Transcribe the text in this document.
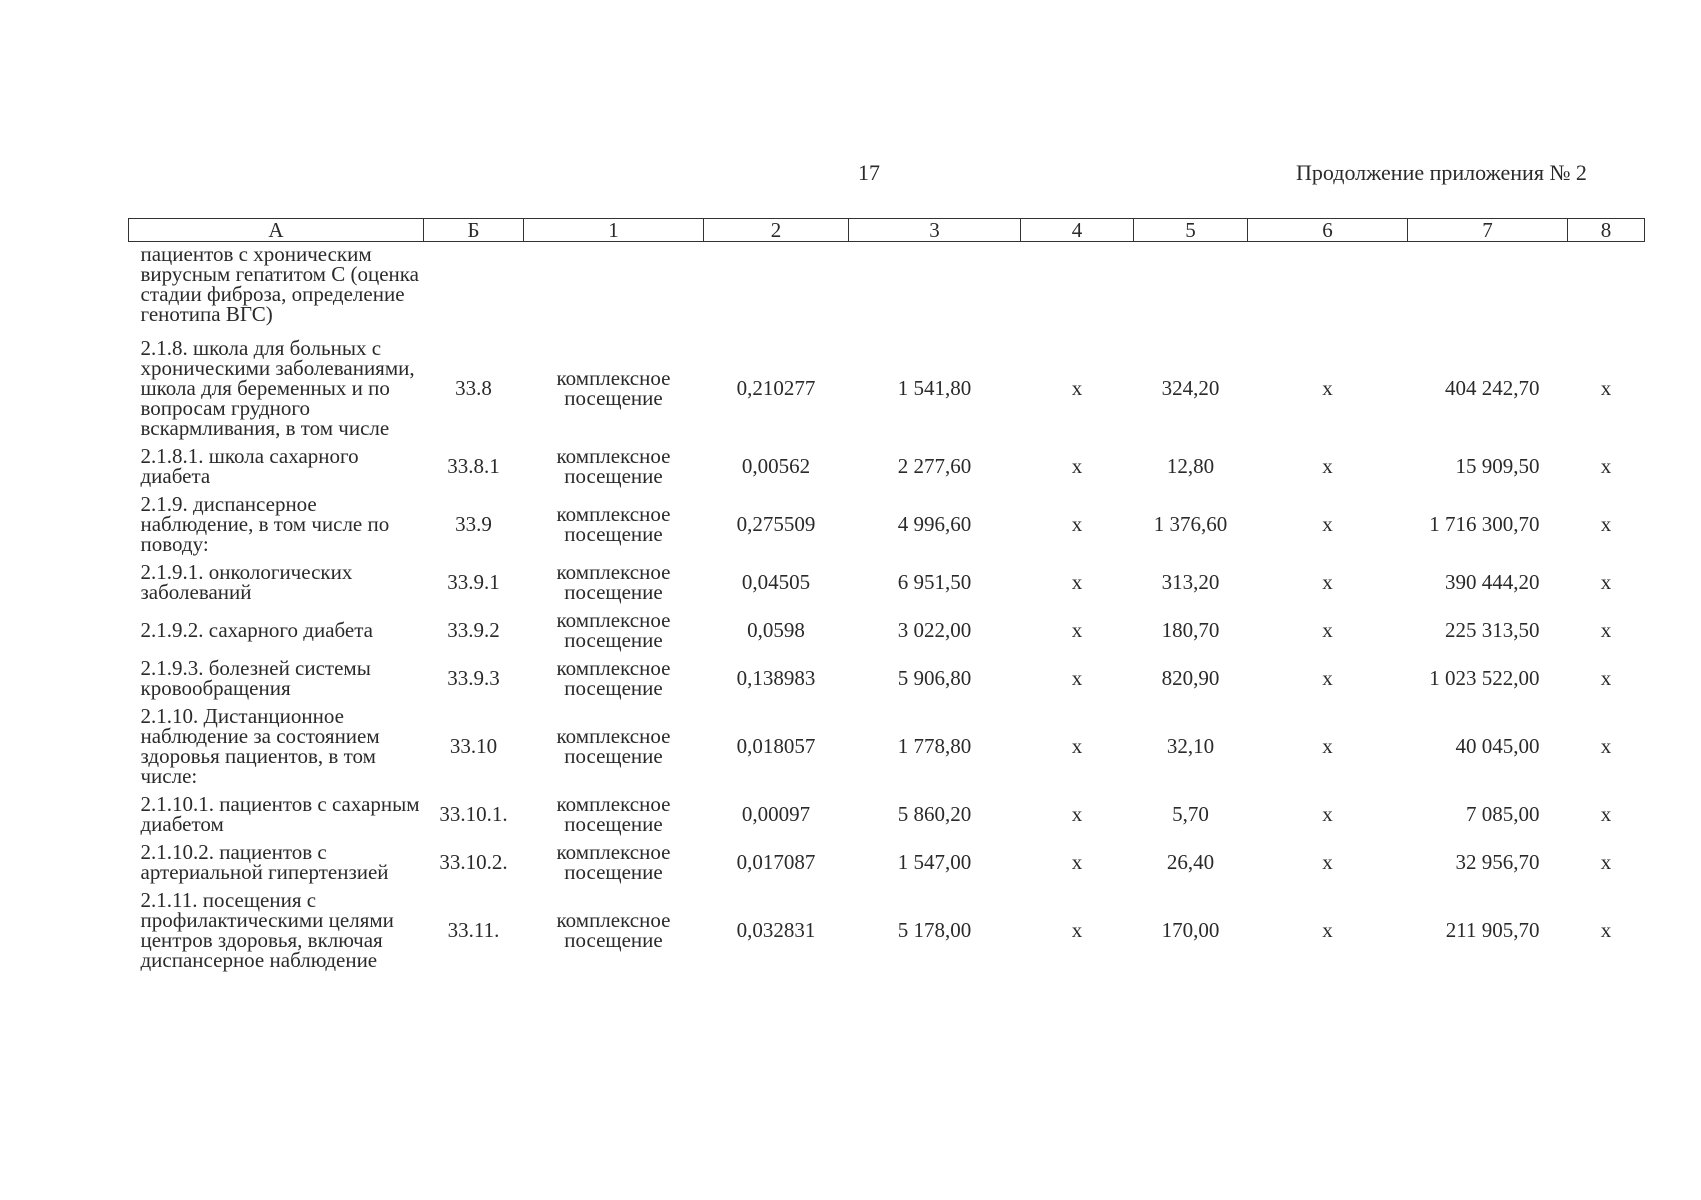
17	Продолжение приложения № 2
А	Б	1	2	3	4	5	6	7	8
пациентов с хроническим вирусным гепатитом С (оценка стадии фиброза, определение генотипа ВГС)									
2.1.8. школа для больных с хроническими заболеваниями, школа для беременных и по вопросам грудного вскармливания, в том числе	33.8	комплексное посещение	0,210277	1 541,80	х	324,20	х	404 242,70	х
2.1.8.1. школа сахарного диабета	33.8.1	комплексное посещение	0,00562	2 277,60	х	12,80	х	15 909,50	х
2.1.9. диспансерное наблюдение, в том числе по поводу:	33.9	комплексное посещение	0,275509	4 996,60	х	1 376,60	х	1 716 300,70	х
2.1.9.1. онкологических заболеваний	33.9.1	комплексное посещение	0,04505	6 951,50	х	313,20	х	390 444,20	х
2.1.9.2. сахарного диабета	33.9.2	комплексное посещение	0,0598	3 022,00	х	180,70	х	225 313,50	х
2.1.9.3. болезней системы кровообращения	33.9.3	комплексное посещение	0,138983	5 906,80	х	820,90	х	1 023 522,00	х
2.1.10. Дистанционное наблюдение за состоянием здоровья пациентов, в том числе:	33.10	комплексное посещение	0,018057	1 778,80	х	32,10	х	40 045,00	х
2.1.10.1. пациентов с сахарным диабетом	33.10.1.	комплексное посещение	0,00097	5 860,20	х	5,70	х	7 085,00	х
2.1.10.2. пациентов с артериальной гипертензией	33.10.2.	комплексное посещение	0,017087	1 547,00	х	26,40	х	32 956,70	х
2.1.11. посещения с профилактическими целями центров здоровья, включая диспансерное наблюдение	33.11.	комплексное посещение	0,032831	5 178,00	х	170,00	х	211 905,70	х
